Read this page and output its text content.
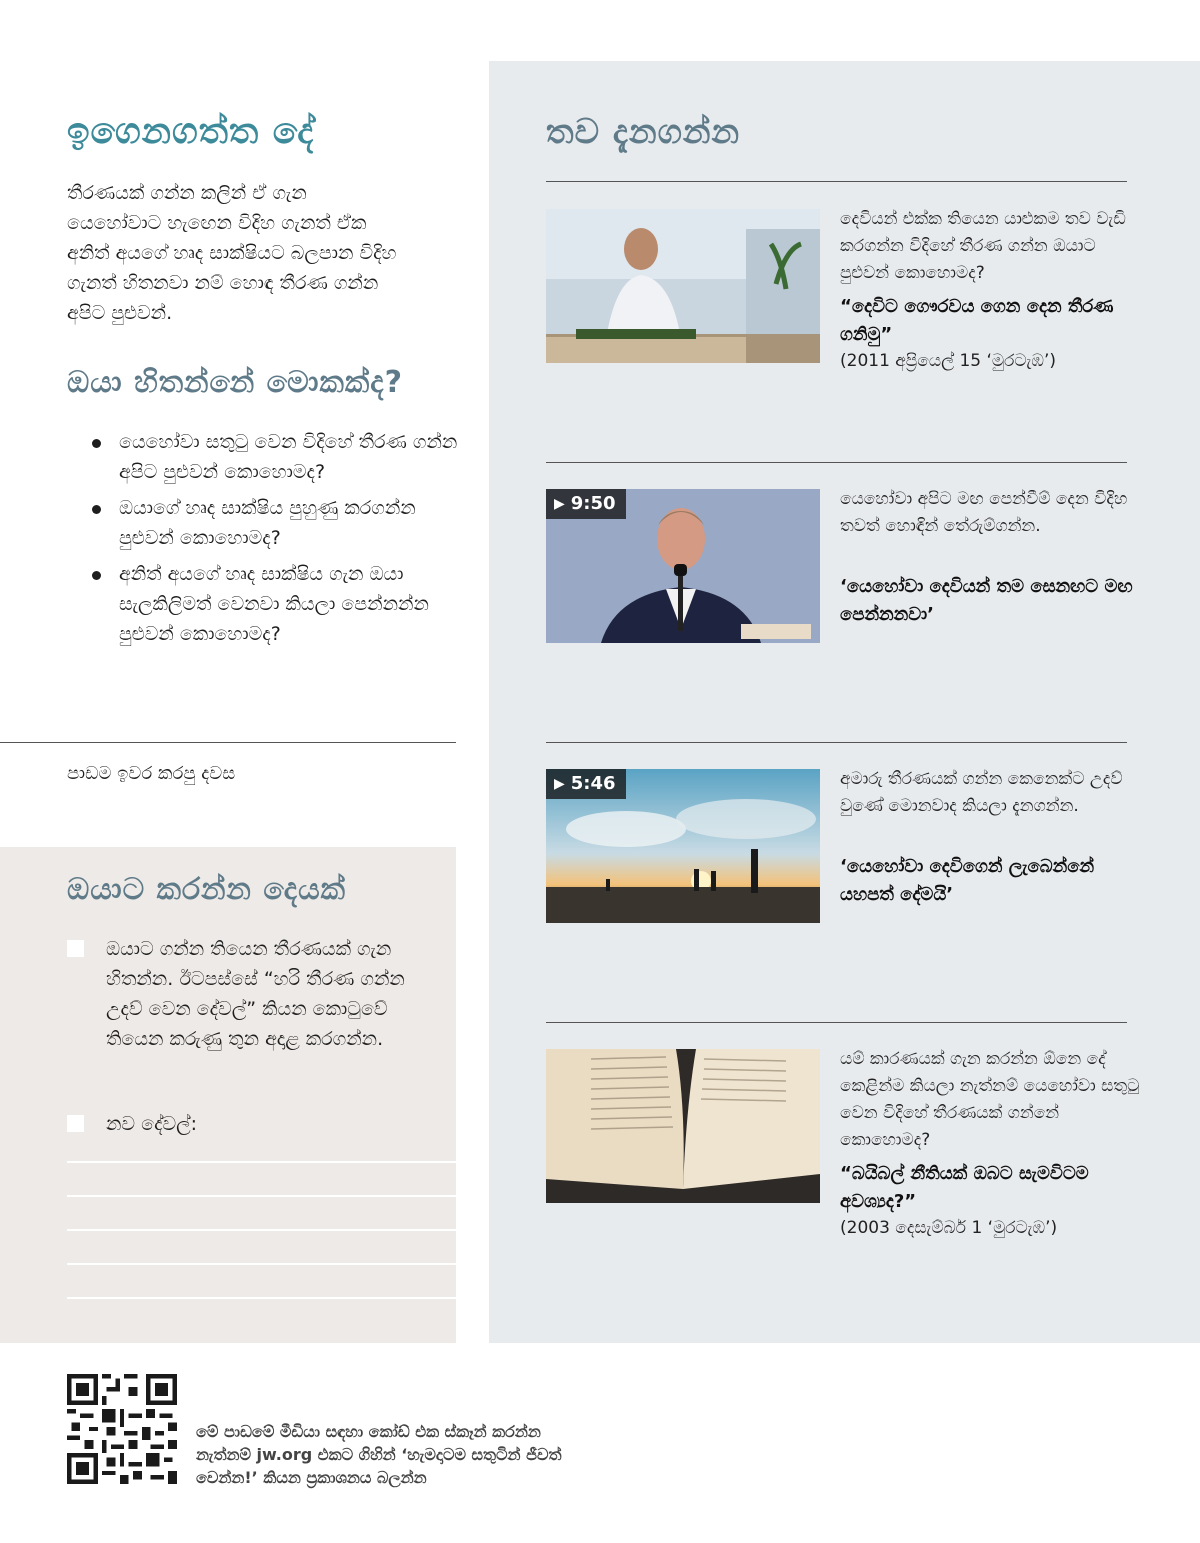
ඉගෙනගත්ත දේ

තීරණයක් ගන්න කලින් ඒ ගැන යෙහෝවාට හැඟෙන විදිහ ගැනත් ඒක අනිත් අයගේ හෘද සාක්ෂියට බලපාන විදිහ ගැනත් හිතනවා නම් හොඳ තීරණ ගන්න අපිට පුළුවන්.

ඔයා හිතන්නේ මොකක්ද?
යෙහෝවා සතුටු වෙන විදිහේ තීරණ ගන්න අපිට පුළුවන් කොහොමද?
ඔයාගේ හෘද සාක්ෂිය පුහුණු කරගන්න පුළුවන් කොහොමද?
අනිත් අයගේ හෘද සාක්ෂිය ගැන ඔයා සැලකිලිමත් වෙනවා කියලා පෙන්නන්න පුළුවන් කොහොමද?
පාඩම ඉවර කරපු දවස
ඔයාට කරන්න දෙයක්

ඔයාට ගන්න තියෙන තීරණයක් ගැන හිතන්න. ඊටපස්සේ “හරි තීරණ ගන්න උදව් වෙන දේවල්” කියන කොටුවේ තියෙන කරුණු තුන අදාළ කරගන්න.

නව දේවල්:

තව දැනගන්න
දෙවියන් එක්ක තියෙන යාළුකම තව වැඩි කරගන්න විදිහේ තීරණ ගන්න ඔයාට පුළුවන් කොහොමද?
“දෙවිට ගෞරවය ගෙන දෙන තීරණ ගනිමු”
(2011 අප්‍රියෙල් 15 ‘මුරටැඹ’)
▶ 9:50	යෙහෝවා අපිට මඟ පෙන්වීම් දෙන විදිහ තවත් හොඳින් තේරුම්ගන්න.
‘යෙහෝවා දෙවියන් තම සෙනඟට මඟ පෙන්නනවා’
▶ 5:46	අමාරු තීරණයක් ගන්න කෙනෙක්ට උදව් වුණේ මොනවාද කියලා දැනගන්න.
‘යෙහෝවා දෙවිගෙන් ලැබෙන්නේ යහපත් දේමයි’
යම් කාරණයක් ගැන කරන්න ඕනෙ දේ කෙළින්ම කියලා නැත්නම් යෙහෝවා සතුටු වෙන විදිහේ තීරණයක් ගන්නේ කොහොමද?
“බයිබල් නීතියක් ඔබට සැමවිටම අවශ්‍යද?”
(2003 දෙසැම්බර් 1 ‘මුරටැඹ’)

මේ පාඩමේ මීඩියා සඳහා කෝඩ් එක ස්කෑන් කරන්න නැත්නම් jw.org එකට ගිහින් ‘හැමදාටම සතුටින් ජීවත් වෙන්න!’ කියන ප්‍රකාශනය බලන්න
